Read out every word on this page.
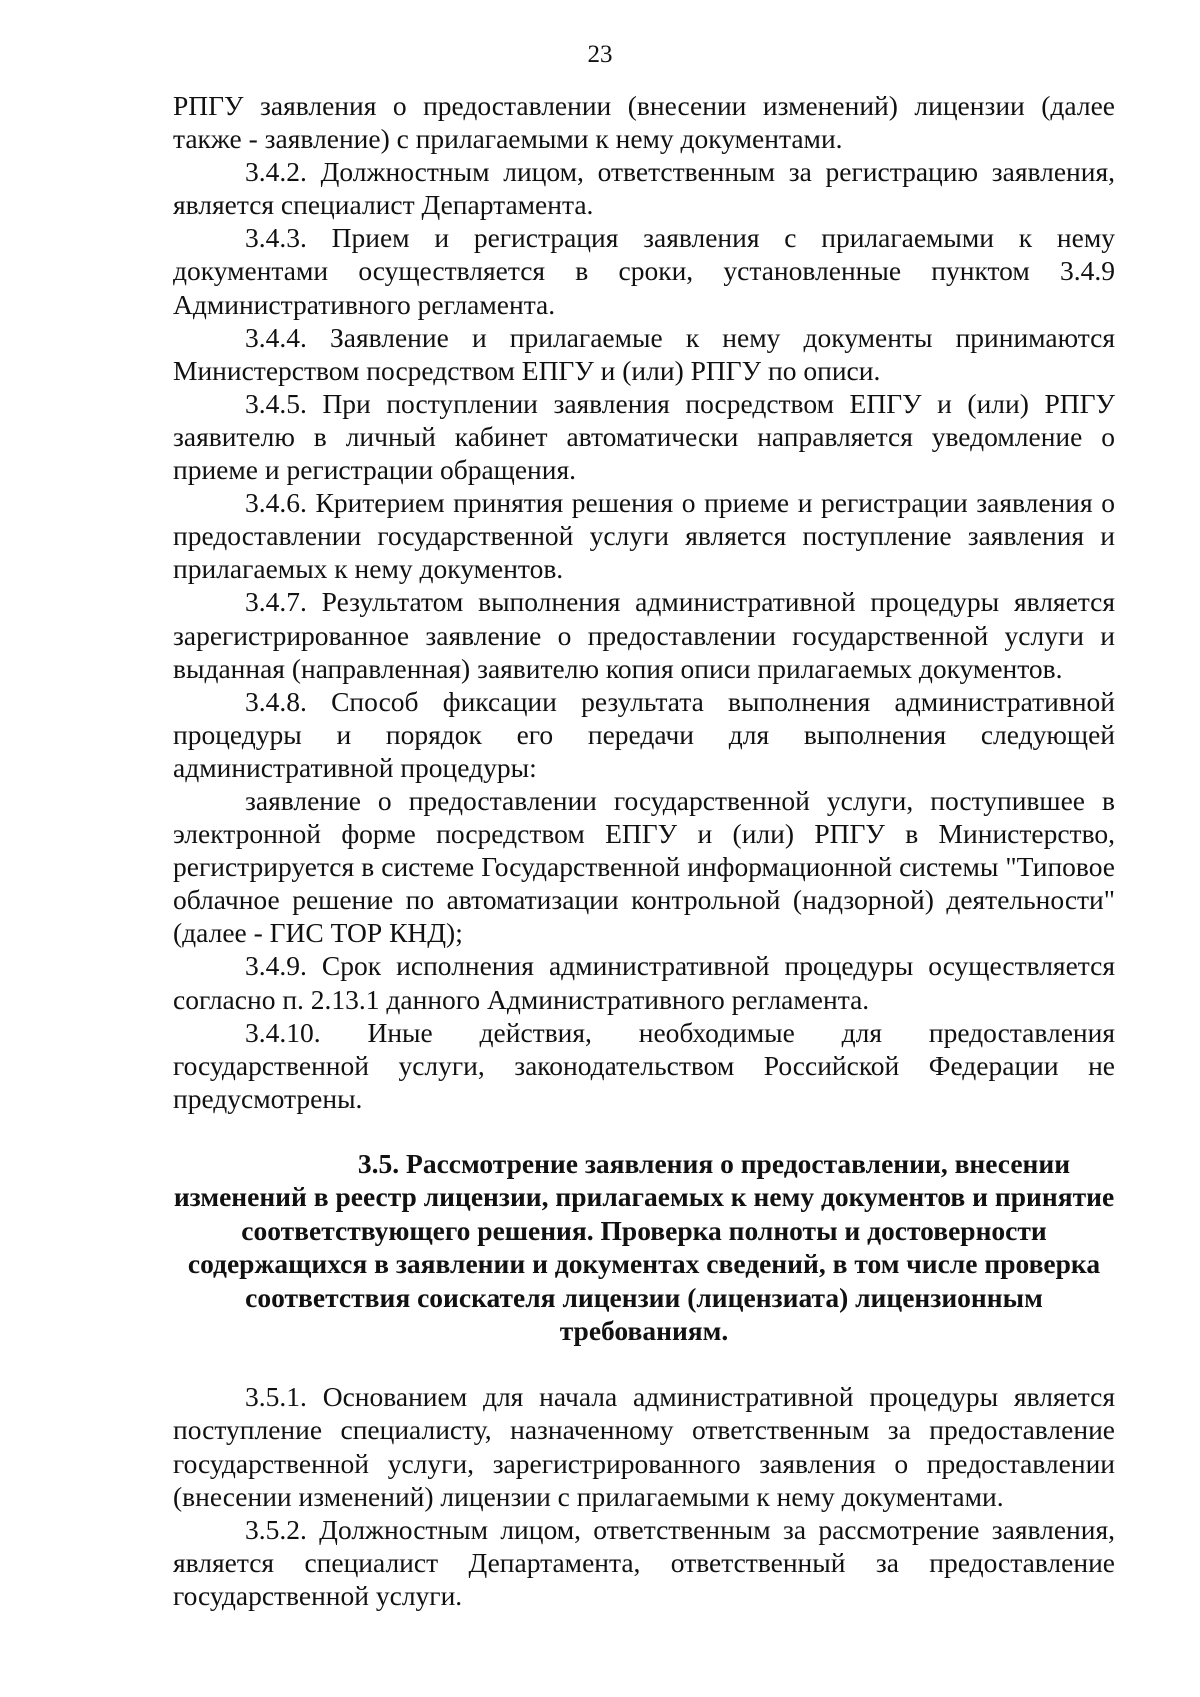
23

РПГУ заявления о предоставлении (внесении изменений) лицензии (далее также - заявление) с прилагаемыми к нему документами.

3.4.2. Должностным лицом, ответственным за регистрацию заявления, является специалист Департамента.

3.4.3. Прием и регистрация заявления с прилагаемыми к нему документами осуществляется в сроки, установленные пунктом 3.4.9 Административного регламента.

3.4.4. Заявление и прилагаемые к нему документы принимаются Министерством посредством ЕПГУ и (или) РПГУ по описи.

3.4.5. При поступлении заявления посредством ЕПГУ и (или) РПГУ заявителю в личный кабинет автоматически направляется уведомление о приеме и регистрации обращения.

3.4.6. Критерием принятия решения о приеме и регистрации заявления о предоставлении государственной услуги является поступление заявления и прилагаемых к нему документов.

3.4.7. Результатом выполнения административной процедуры является зарегистрированное заявление о предоставлении государственной услуги и выданная (направленная) заявителю копия описи прилагаемых документов.

3.4.8. Способ фиксации результата выполнения административной процедуры и порядок его передачи для выполнения следующей административной процедуры:

заявление о предоставлении государственной услуги, поступившее в электронной форме посредством ЕПГУ и (или) РПГУ в Министерство, регистрируется в системе Государственной информационной системы "Типовое облачное решение по автоматизации контрольной (надзорной) деятельности" (далее - ГИС ТОР КНД);

3.4.9. Срок исполнения административной процедуры осуществляется согласно п. 2.13.1 данного Административного регламента.

3.4.10. Иные действия, необходимые для предоставления государственной услуги, законодательством Российской Федерации не предусмотрены.

3.5. Рассмотрение заявления о предоставлении, внесении
изменений в реестр лицензии, прилагаемых к нему документов и принятие соответствующего решения. Проверка полноты и достоверности содержащихся в заявлении и документах сведений, в том числе проверка соответствия соискателя лицензии (лицензиата) лицензионным требованиям.

3.5.1. Основанием для начала административной процедуры является поступление специалисту, назначенному ответственным за предоставление государственной услуги, зарегистрированного заявления о предоставлении (внесении изменений) лицензии с прилагаемыми к нему документами.

3.5.2. Должностным лицом, ответственным за рассмотрение заявления, является специалист Департамента, ответственный за предоставление государственной услуги.
